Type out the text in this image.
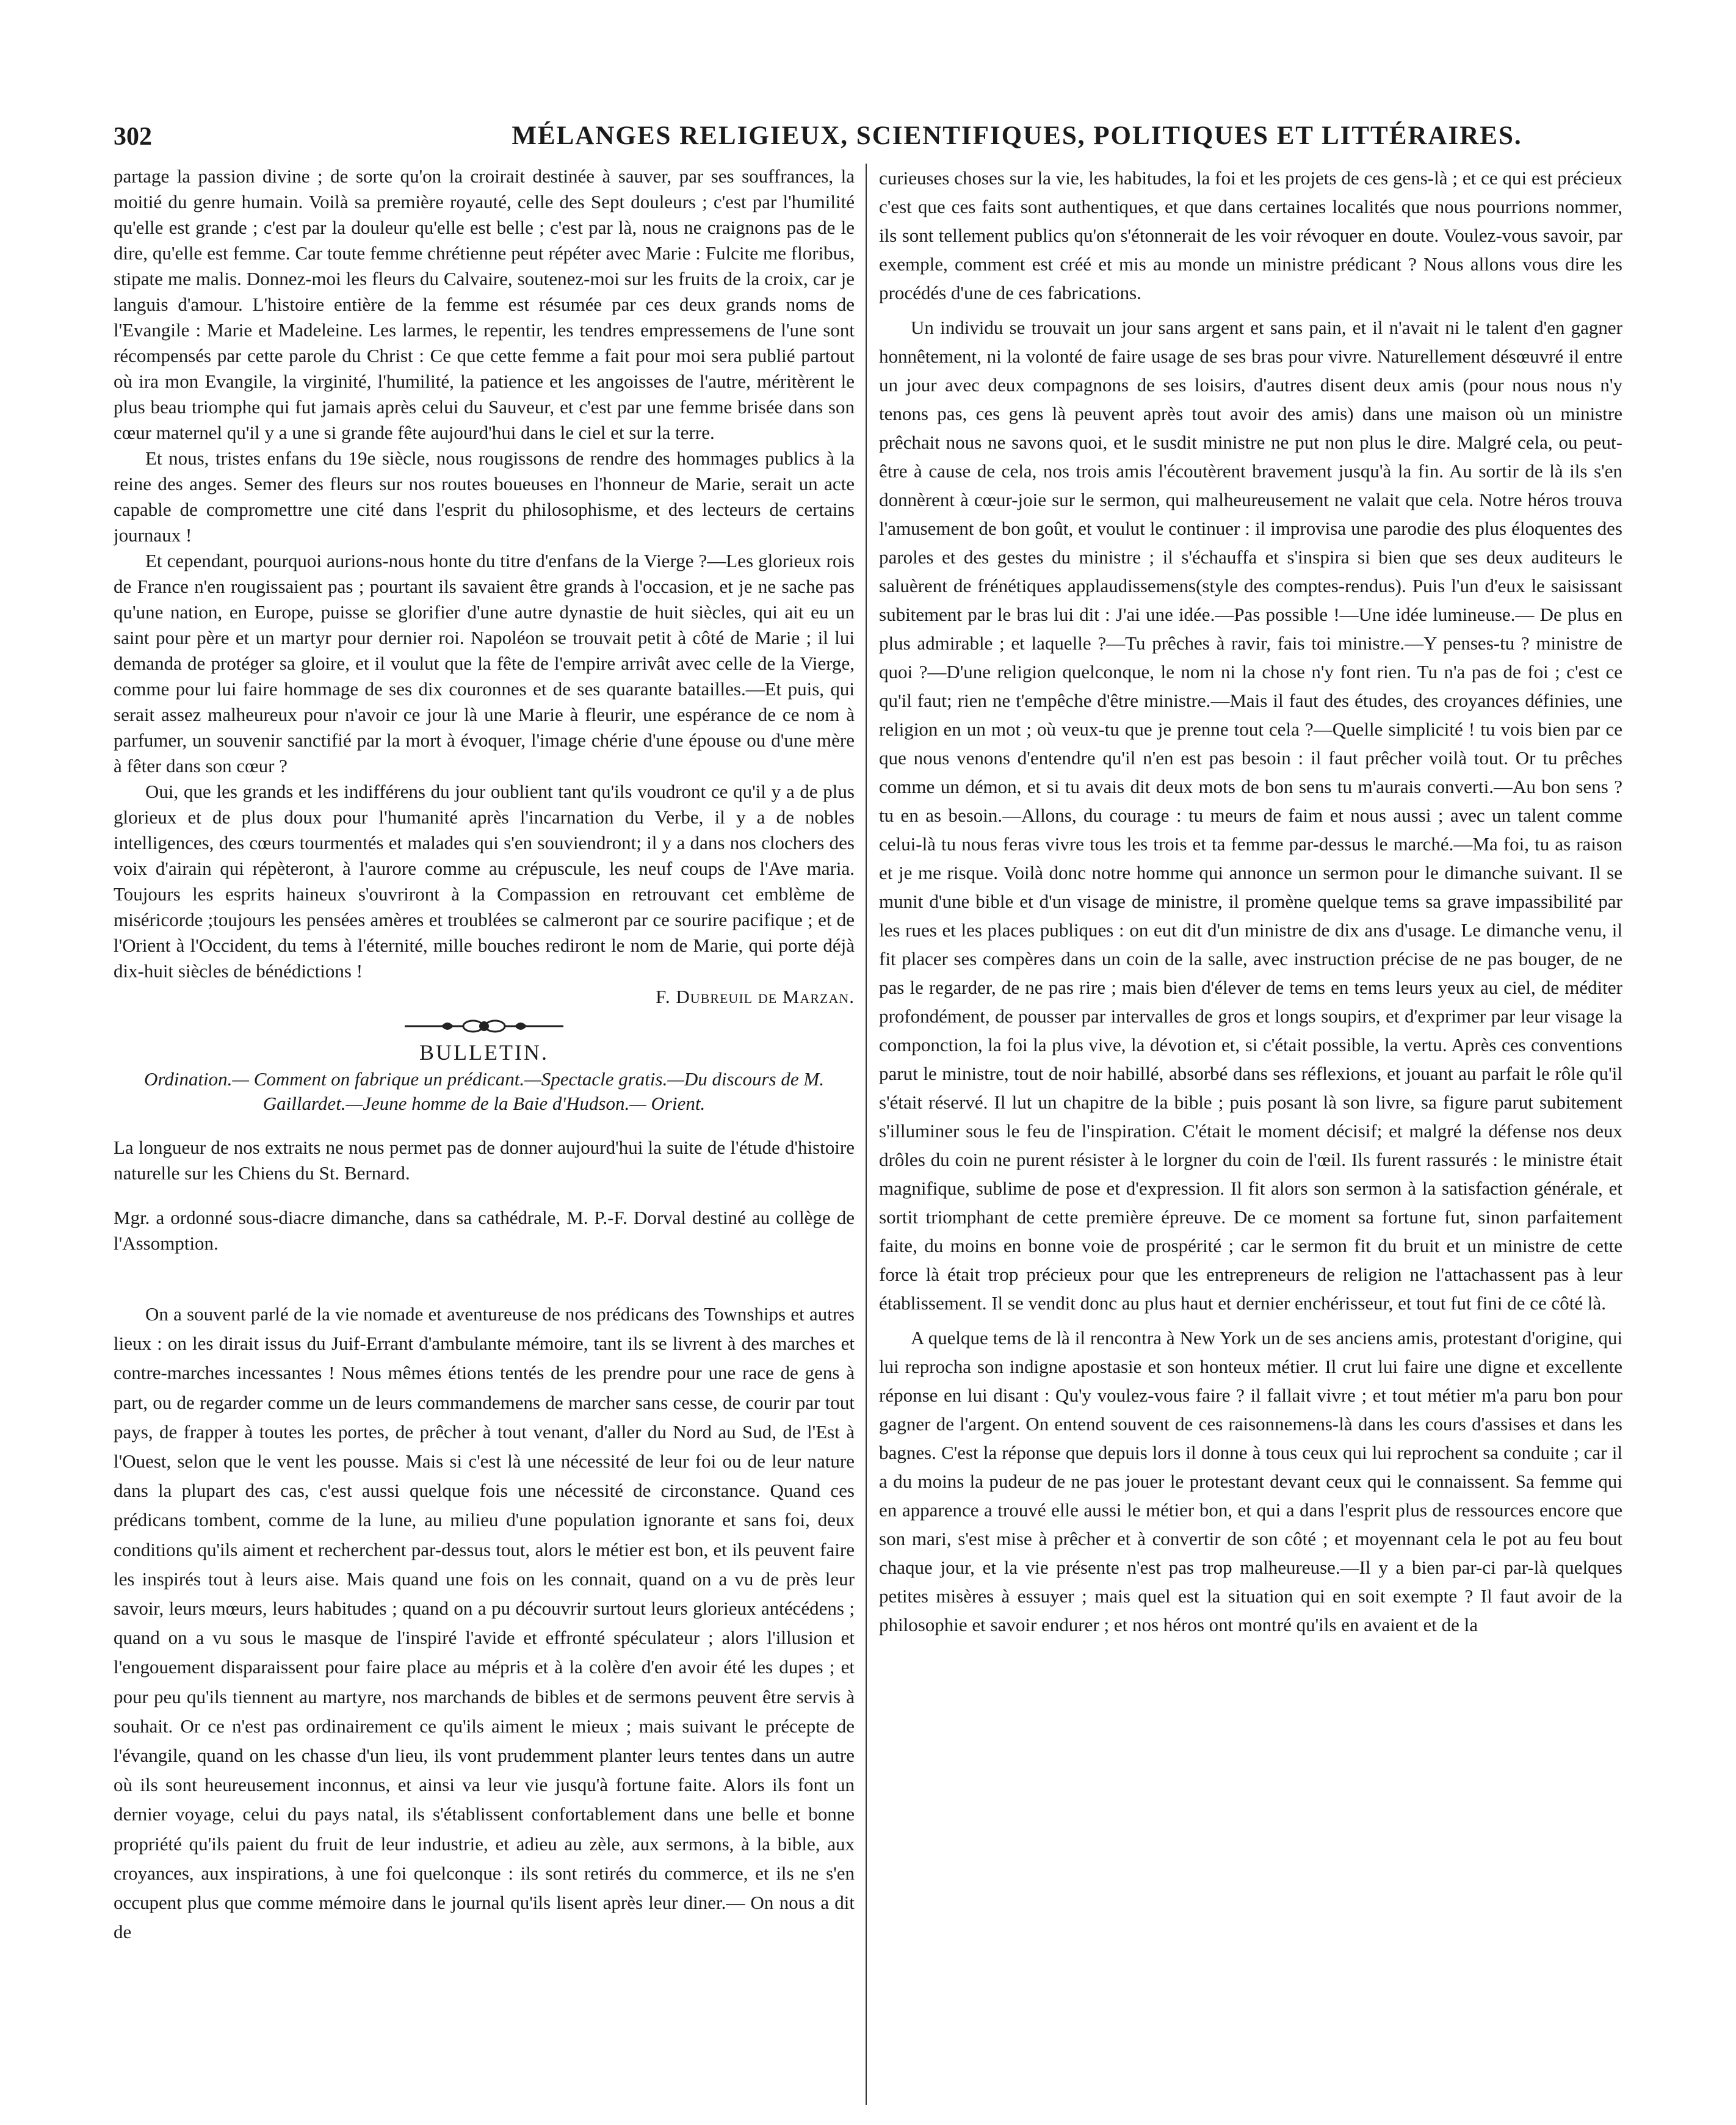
302	MÉLANGES RELIGIEUX, SCIENTIFIQUES, POLITIQUES ET LITTÉRAIRES.

partage la passion divine ; de sorte qu'on la croirait destinée à sauver, par ses souffrances, la moitié du genre humain. Voilà sa première royauté, celle des Sept douleurs ; c'est par l'humilité qu'elle est grande ; c'est par la douleur qu'elle est belle ; c'est par là, nous ne craignons pas de le dire, qu'elle est femme. Car toute femme chrétienne peut répéter avec Marie : Fulcite me floribus, stipate me malis. Donnez-moi les fleurs du Calvaire, soutenez-moi sur les fruits de la croix, car je languis d'amour. L'histoire entière de la femme est résumée par ces deux grands noms de l'Evangile : Marie et Madeleine. Les larmes, le repentir, les tendres empressemens de l'une sont récompensés par cette parole du Christ : Ce que cette femme a fait pour moi sera publié partout où ira mon Evangile, la virginité, l'humilité, la patience et les angoisses de l'autre, méritèrent le plus beau triomphe qui fut jamais après celui du Sauveur, et c'est par une femme brisée dans son cœur maternel qu'il y a une si grande fête aujourd'hui dans le ciel et sur la terre.

Et nous, tristes enfans du 19e siècle, nous rougissons de rendre des hommages publics à la reine des anges. Semer des fleurs sur nos routes boueuses en l'honneur de Marie, serait un acte capable de compromettre une cité dans l'esprit du philosophisme, et des lecteurs de certains journaux !

Et cependant, pourquoi aurions-nous honte du titre d'enfans de la Vierge ?—Les glorieux rois de France n'en rougissaient pas ; pourtant ils savaient être grands à l'occasion, et je ne sache pas qu'une nation, en Europe, puisse se glorifier d'une autre dynastie de huit siècles, qui ait eu un saint pour père et un martyr pour dernier roi. Napoléon se trouvait petit à côté de Marie ; il lui demanda de protéger sa gloire, et il voulut que la fête de l'empire arrivât avec celle de la Vierge, comme pour lui faire hommage de ses dix couronnes et de ses quarante batailles.—Et puis, qui serait assez malheureux pour n'avoir ce jour là une Marie à fleurir, une espérance de ce nom à parfumer, un souvenir sanctifié par la mort à évoquer, l'image chérie d'une épouse ou d'une mère à fêter dans son cœur ?

Oui, que les grands et les indifférens du jour oublient tant qu'ils voudront ce qu'il y a de plus glorieux et de plus doux pour l'humanité après l'incarnation du Verbe, il y a de nobles intelligences, des cœurs tourmentés et malades qui s'en souviendront; il y a dans nos clochers des voix d'airain qui répèteront, à l'aurore comme au crépuscule, les neuf coups de l'Ave maria. Toujours les esprits haineux s'ouvriront à la Compassion en retrouvant cet emblème de miséricorde ;toujours les pensées amères et troublées se calmeront par ce sourire pacifique ; et de l'Orient à l'Occident, du tems à l'éternité, mille bouches rediront le nom de Marie, qui porte déjà dix-huit siècles de bénédictions !

F. Dubreuil de Marzan.

BULLETIN.
Ordination.— Comment on fabrique un prédicant.—Spectacle gratis.—Du discours de M. Gaillardet.—Jeune homme de la Baie d'Hudson.— Orient.

La longueur de nos extraits ne nous permet pas de donner aujourd'hui la suite de l'étude d'histoire naturelle sur les Chiens du St. Bernard.

Mgr. a ordonné sous-diacre dimanche, dans sa cathédrale, M. P.-F. Dorval destiné au collège de l'Assomption.

On a souvent parlé de la vie nomade et aventureuse de nos prédicans des Townships et autres lieux : on les dirait issus du Juif-Errant d'ambulante mémoire, tant ils se livrent à des marches et contre-marches incessantes ! Nous mêmes étions tentés de les prendre pour une race de gens à part, ou de regarder comme un de leurs commandemens de marcher sans cesse, de courir par tout pays, de frapper à toutes les portes, de prêcher à tout venant, d'aller du Nord au Sud, de l'Est à l'Ouest, selon que le vent les pousse. Mais si c'est là une nécessité de leur foi ou de leur nature dans la plupart des cas, c'est aussi quelque fois une nécessité de circonstance. Quand ces prédicans tombent, comme de la lune, au milieu d'une population ignorante et sans foi, deux conditions qu'ils aiment et recherchent par-dessus tout, alors le métier est bon, et ils peuvent faire les inspirés tout à leurs aise. Mais quand une fois on les connait, quand on a vu de près leur savoir, leurs mœurs, leurs habitudes ; quand on a pu découvrir surtout leurs glorieux antécédens ; quand on a vu sous le masque de l'inspiré l'avide et effronté spéculateur ; alors l'illusion et l'engouement disparaissent pour faire place au mépris et à la colère d'en avoir été les dupes ; et pour peu qu'ils tiennent au martyre, nos marchands de bibles et de sermons peuvent être servis à souhait. Or ce n'est pas ordinairement ce qu'ils aiment le mieux ; mais suivant le précepte de l'évangile, quand on les chasse d'un lieu, ils vont prudemment planter leurs tentes dans un autre où ils sont heureusement inconnus, et ainsi va leur vie jusqu'à fortune faite. Alors ils font un dernier voyage, celui du pays natal, ils s'établissent confortablement dans une belle et bonne propriété qu'ils paient du fruit de leur industrie, et adieu au zèle, aux sermons, à la bible, aux croyances, aux inspirations, à une foi quelconque : ils sont retirés du commerce, et ils ne s'en occupent plus que comme mémoire dans le journal qu'ils lisent après leur diner.— On nous a dit de

curieuses choses sur la vie, les habitudes, la foi et les projets de ces gens-là ; et ce qui est précieux c'est que ces faits sont authentiques, et que dans certaines localités que nous pourrions nommer, ils sont tellement publics qu'on s'étonnerait de les voir révoquer en doute. Voulez-vous savoir, par exemple, comment est créé et mis au monde un ministre prédicant ? Nous allons vous dire les procédés d'une de ces fabrications.

Un individu se trouvait un jour sans argent et sans pain, et il n'avait ni le talent d'en gagner honnêtement, ni la volonté de faire usage de ses bras pour vivre. Naturellement désœuvré il entre un jour avec deux compagnons de ses loisirs, d'autres disent deux amis (pour nous nous n'y tenons pas, ces gens là peuvent après tout avoir des amis) dans une maison où un ministre prêchait nous ne savons quoi, et le susdit ministre ne put non plus le dire. Malgré cela, ou peut-être à cause de cela, nos trois amis l'écoutèrent bravement jusqu'à la fin. Au sortir de là ils s'en donnèrent à cœur-joie sur le sermon, qui malheureusement ne valait que cela. Notre héros trouva l'amusement de bon goût, et voulut le continuer : il improvisa une parodie des plus éloquentes des paroles et des gestes du ministre ; il s'échauffa et s'inspira si bien que ses deux auditeurs le saluèrent de frénétiques applaudissemens(style des comptes-rendus). Puis l'un d'eux le saisissant subitement par le bras lui dit : J'ai une idée.—Pas possible !—Une idée lumineuse.— De plus en plus admirable ; et laquelle ?—Tu prêches à ravir, fais toi ministre.—Y penses-tu ? ministre de quoi ?—D'une religion quelconque, le nom ni la chose n'y font rien. Tu n'a pas de foi ; c'est ce qu'il faut; rien ne t'empêche d'être ministre.—Mais il faut des études, des croyances définies, une religion en un mot ; où veux-tu que je prenne tout cela ?—Quelle simplicité ! tu vois bien par ce que nous venons d'entendre qu'il n'en est pas besoin : il faut prêcher voilà tout. Or tu prêches comme un démon, et si tu avais dit deux mots de bon sens tu m'aurais converti.—Au bon sens ? tu en as besoin.—Allons, du courage : tu meurs de faim et nous aussi ; avec un talent comme celui-là tu nous feras vivre tous les trois et ta femme par-dessus le marché.—Ma foi, tu as raison et je me risque. Voilà donc notre homme qui annonce un sermon pour le dimanche suivant. Il se munit d'une bible et d'un visage de ministre, il promène quelque tems sa grave impassibilité par les rues et les places publiques : on eut dit d'un ministre de dix ans d'usage. Le dimanche venu, il fit placer ses compères dans un coin de la salle, avec instruction précise de ne pas bouger, de ne pas le regarder, de ne pas rire ; mais bien d'élever de tems en tems leurs yeux au ciel, de méditer profondément, de pousser par intervalles de gros et longs soupirs, et d'exprimer par leur visage la componction, la foi la plus vive, la dévotion et, si c'était possible, la vertu. Après ces conventions parut le ministre, tout de noir habillé, absorbé dans ses réflexions, et jouant au parfait le rôle qu'il s'était réservé. Il lut un chapitre de la bible ; puis posant là son livre, sa figure parut subitement s'illuminer sous le feu de l'inspiration. C'était le moment décisif; et malgré la défense nos deux drôles du coin ne purent résister à le lorgner du coin de l'œil. Ils furent rassurés : le ministre était magnifique, sublime de pose et d'expression. Il fit alors son sermon à la satisfaction générale, et sortit triomphant de cette première épreuve. De ce moment sa fortune fut, sinon parfaitement faite, du moins en bonne voie de prospérité ; car le sermon fit du bruit et un ministre de cette force là était trop précieux pour que les entrepreneurs de religion ne l'attachassent pas à leur établissement. Il se vendit donc au plus haut et dernier enchérisseur, et tout fut fini de ce côté là.

A quelque tems de là il rencontra à New York un de ses anciens amis, protestant d'origine, qui lui reprocha son indigne apostasie et son honteux métier. Il crut lui faire une digne et excellente réponse en lui disant : Qu'y voulez-vous faire ? il fallait vivre ; et tout métier m'a paru bon pour gagner de l'argent. On entend souvent de ces raisonnemens-là dans les cours d'assises et dans les bagnes. C'est la réponse que depuis lors il donne à tous ceux qui lui reprochent sa conduite ; car il a du moins la pudeur de ne pas jouer le protestant devant ceux qui le connaissent. Sa femme qui en apparence a trouvé elle aussi le métier bon, et qui a dans l'esprit plus de ressources encore que son mari, s'est mise à prêcher et à convertir de son côté ; et moyennant cela le pot au feu bout chaque jour, et la vie présente n'est pas trop malheureuse.—Il y a bien par-ci par-là quelques petites misères à essuyer ; mais quel est la situation qui en soit exempte ? Il faut avoir de la philosophie et savoir endurer ; et nos héros ont montré qu'ils en avaient et de la
